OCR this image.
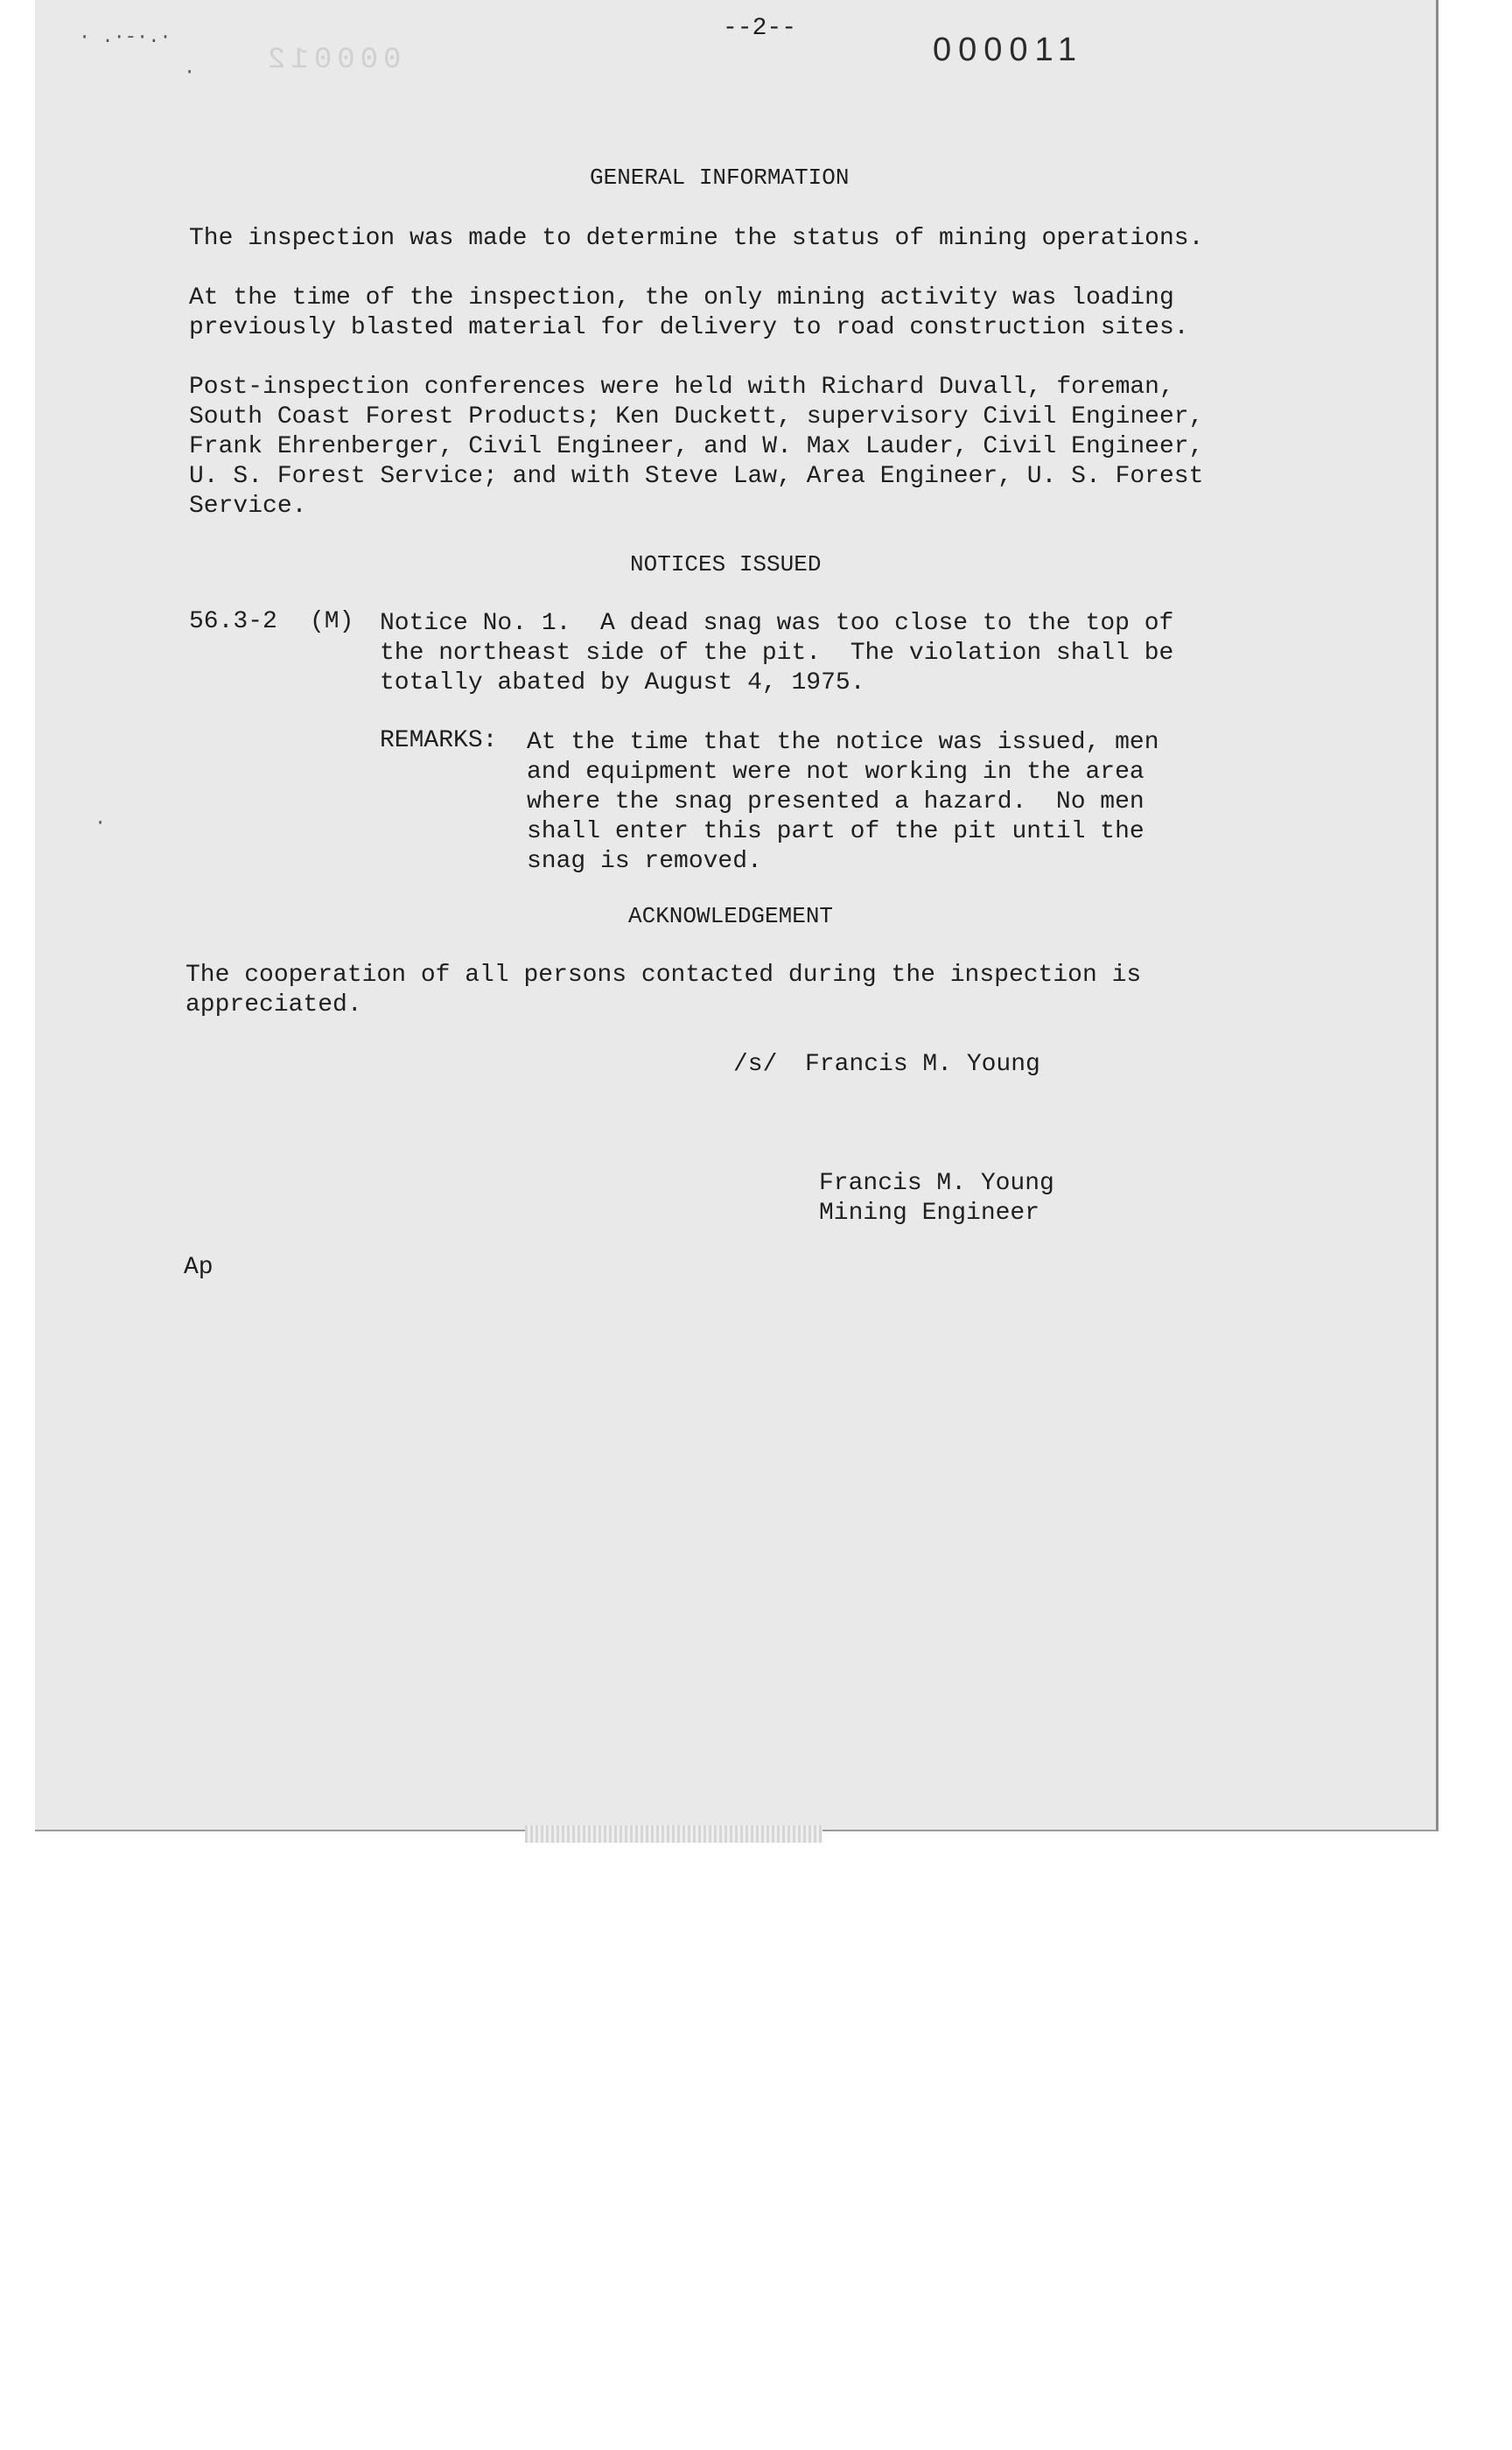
· .·-·.·
·
·
--2--
000011
000012
GENERAL INFORMATION
The inspection was made to determine the status of mining operations.
At the time of the inspection, the only mining activity was loading
previously blasted material for delivery to road construction sites.
Post-inspection conferences were held with Richard Duvall, foreman,
South Coast Forest Products; Ken Duckett, supervisory Civil Engineer,
Frank Ehrenberger, Civil Engineer, and W. Max Lauder, Civil Engineer,
U. S. Forest Service; and with Steve Law, Area Engineer, U. S. Forest
Service.
NOTICES ISSUED
56.3-2 (M) Notice No. 1.  A dead snag was too close to the top of
the northeast side of the pit.  The violation shall be
totally abated by August 4, 1975.
REMARKS: At the time that the notice was issued, men
and equipment were not working in the area
where the snag presented a hazard.  No men
shall enter this part of the pit until the
snag is removed.
ACKNOWLEDGEMENT
The cooperation of all persons contacted during the inspection is
appreciated.
/s/ Francis M. Young
Francis M. Young
Mining Engineer
Ap
